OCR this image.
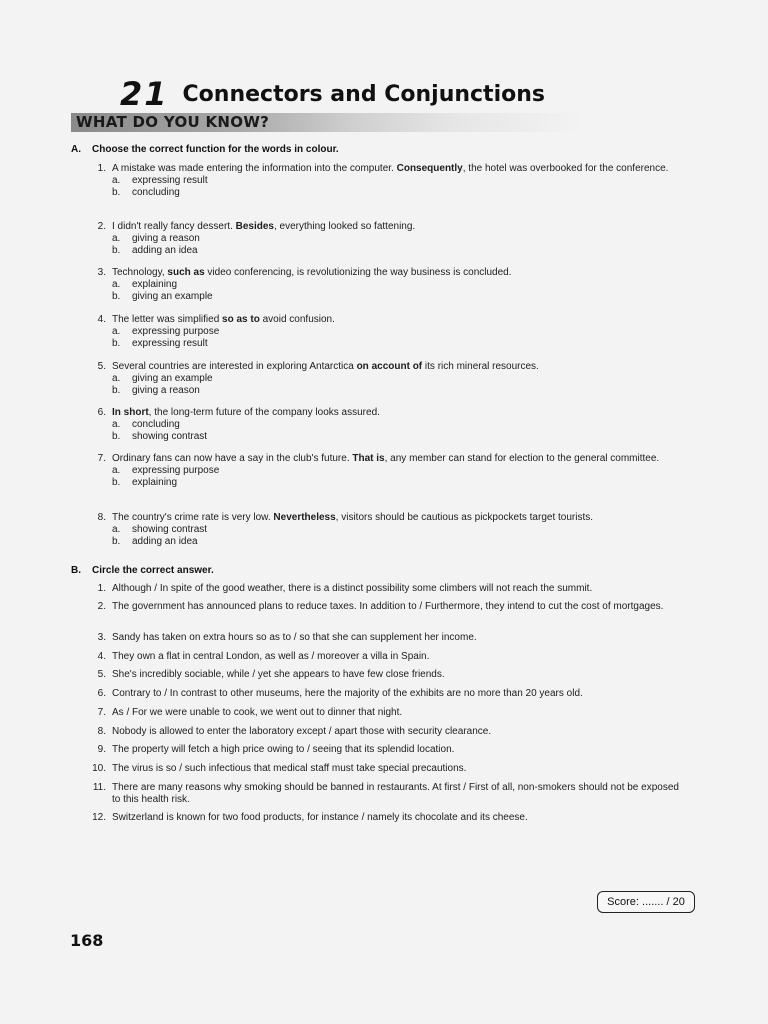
21 Connectors and Conjunctions
WHAT DO YOU KNOW?
A. Choose the correct function for the words in colour.
1. A mistake was made entering the information into the computer. Consequently, the hotel was overbooked for the conference.
a. expressing result
b. concluding
2. I didn't really fancy dessert. Besides, everything looked so fattening.
a. giving a reason
b. adding an idea
3. Technology, such as video conferencing, is revolutionizing the way business is concluded.
a. explaining
b. giving an example
4. The letter was simplified so as to avoid confusion.
a. expressing purpose
b. expressing result
5. Several countries are interested in exploring Antarctica on account of its rich mineral resources.
a. giving an example
b. giving a reason
6. In short, the long-term future of the company looks assured.
a. concluding
b. showing contrast
7. Ordinary fans can now have a say in the club's future. That is, any member can stand for election to the general committee.
a. expressing purpose
b. explaining
8. The country's crime rate is very low. Nevertheless, visitors should be cautious as pickpockets target tourists.
a. showing contrast
b. adding an idea
B. Circle the correct answer.
1. Although / In spite of the good weather, there is a distinct possibility some climbers will not reach the summit.
2. The government has announced plans to reduce taxes. In addition to / Furthermore, they intend to cut the cost of mortgages.
3. Sandy has taken on extra hours so as to / so that she can supplement her income.
4. They own a flat in central London, as well as / moreover a villa in Spain.
5. She's incredibly sociable, while / yet she appears to have few close friends.
6. Contrary to / In contrast to other museums, here the majority of the exhibits are no more than 20 years old.
7. As / For we were unable to cook, we went out to dinner that night.
8. Nobody is allowed to enter the laboratory except / apart those with security clearance.
9. The property will fetch a high price owing to / seeing that its splendid location.
10. The virus is so / such infectious that medical staff must take special precautions.
11. There are many reasons why smoking should be banned in restaurants. At first / First of all, non-smokers should not be exposed to this health risk.
12. Switzerland is known for two food products, for instance / namely its chocolate and its cheese.
Score: ....... / 20
168
